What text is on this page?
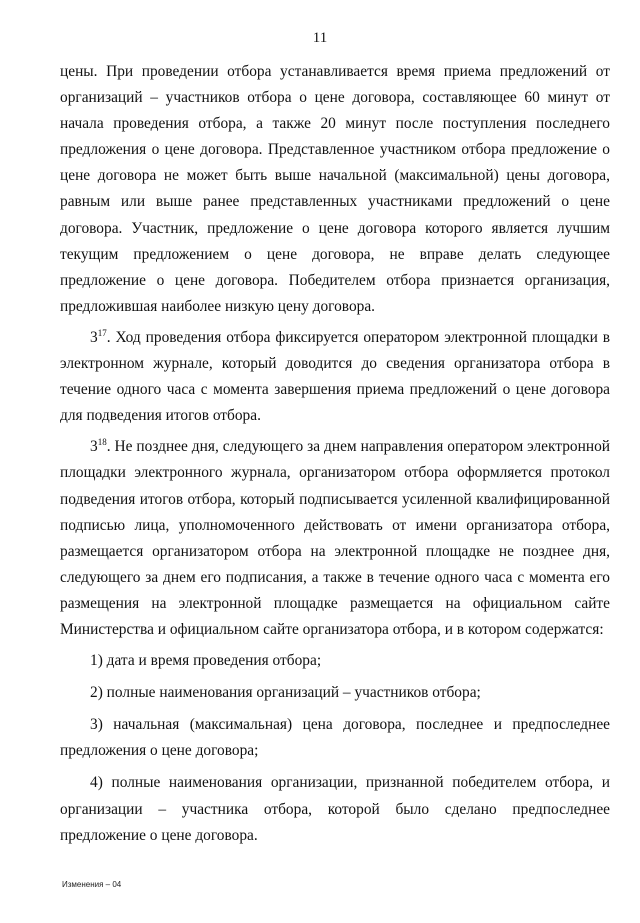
11

цены. При проведении отбора устанавливается время приема предложений от организаций – участников отбора о цене договора, составляющее 60 минут от начала проведения отбора, а также 20 минут после поступления последнего предложения о цене договора. Представленное участником отбора предложение о цене договора не может быть выше начальной (максимальной) цены договора, равным или выше ранее представленных участниками предложений о цене договора. Участник, предложение о цене договора которого является лучшим текущим предложением о цене договора, не вправе делать следующее предложение о цене договора. Победителем отбора признается организация, предложившая наиболее низкую цену договора.

$3^{17}$. Ход проведения отбора фиксируется оператором электронной площадки в электронном журнале, который доводится до сведения организатора отбора в течение одного часа с момента завершения приема предложений о цене договора для подведения итогов отбора.

$3^{18}$. Не позднее дня, следующего за днем направления оператором электронной площадки электронного журнала, организатором отбора оформляется протокол подведения итогов отбора, который подписывается усиленной квалифицированной подписью лица, уполномоченного действовать от имени организатора отбора, размещается организатором отбора на электронной площадке не позднее дня, следующего за днем его подписания, а также в течение одного часа с момента его размещения на электронной площадке размещается на официальном сайте Министерства и официальном сайте организатора отбора, и в котором содержатся:

1) дата и время проведения отбора;

2) полные наименования организаций – участников отбора;

3) начальная (максимальная) цена договора, последнее и предпоследнее предложения о цене договора;

4) полные наименования организации, признанной победителем отбора, и организации – участника отбора, которой было сделано предпоследнее предложение о цене договора.

Изменения – 04
